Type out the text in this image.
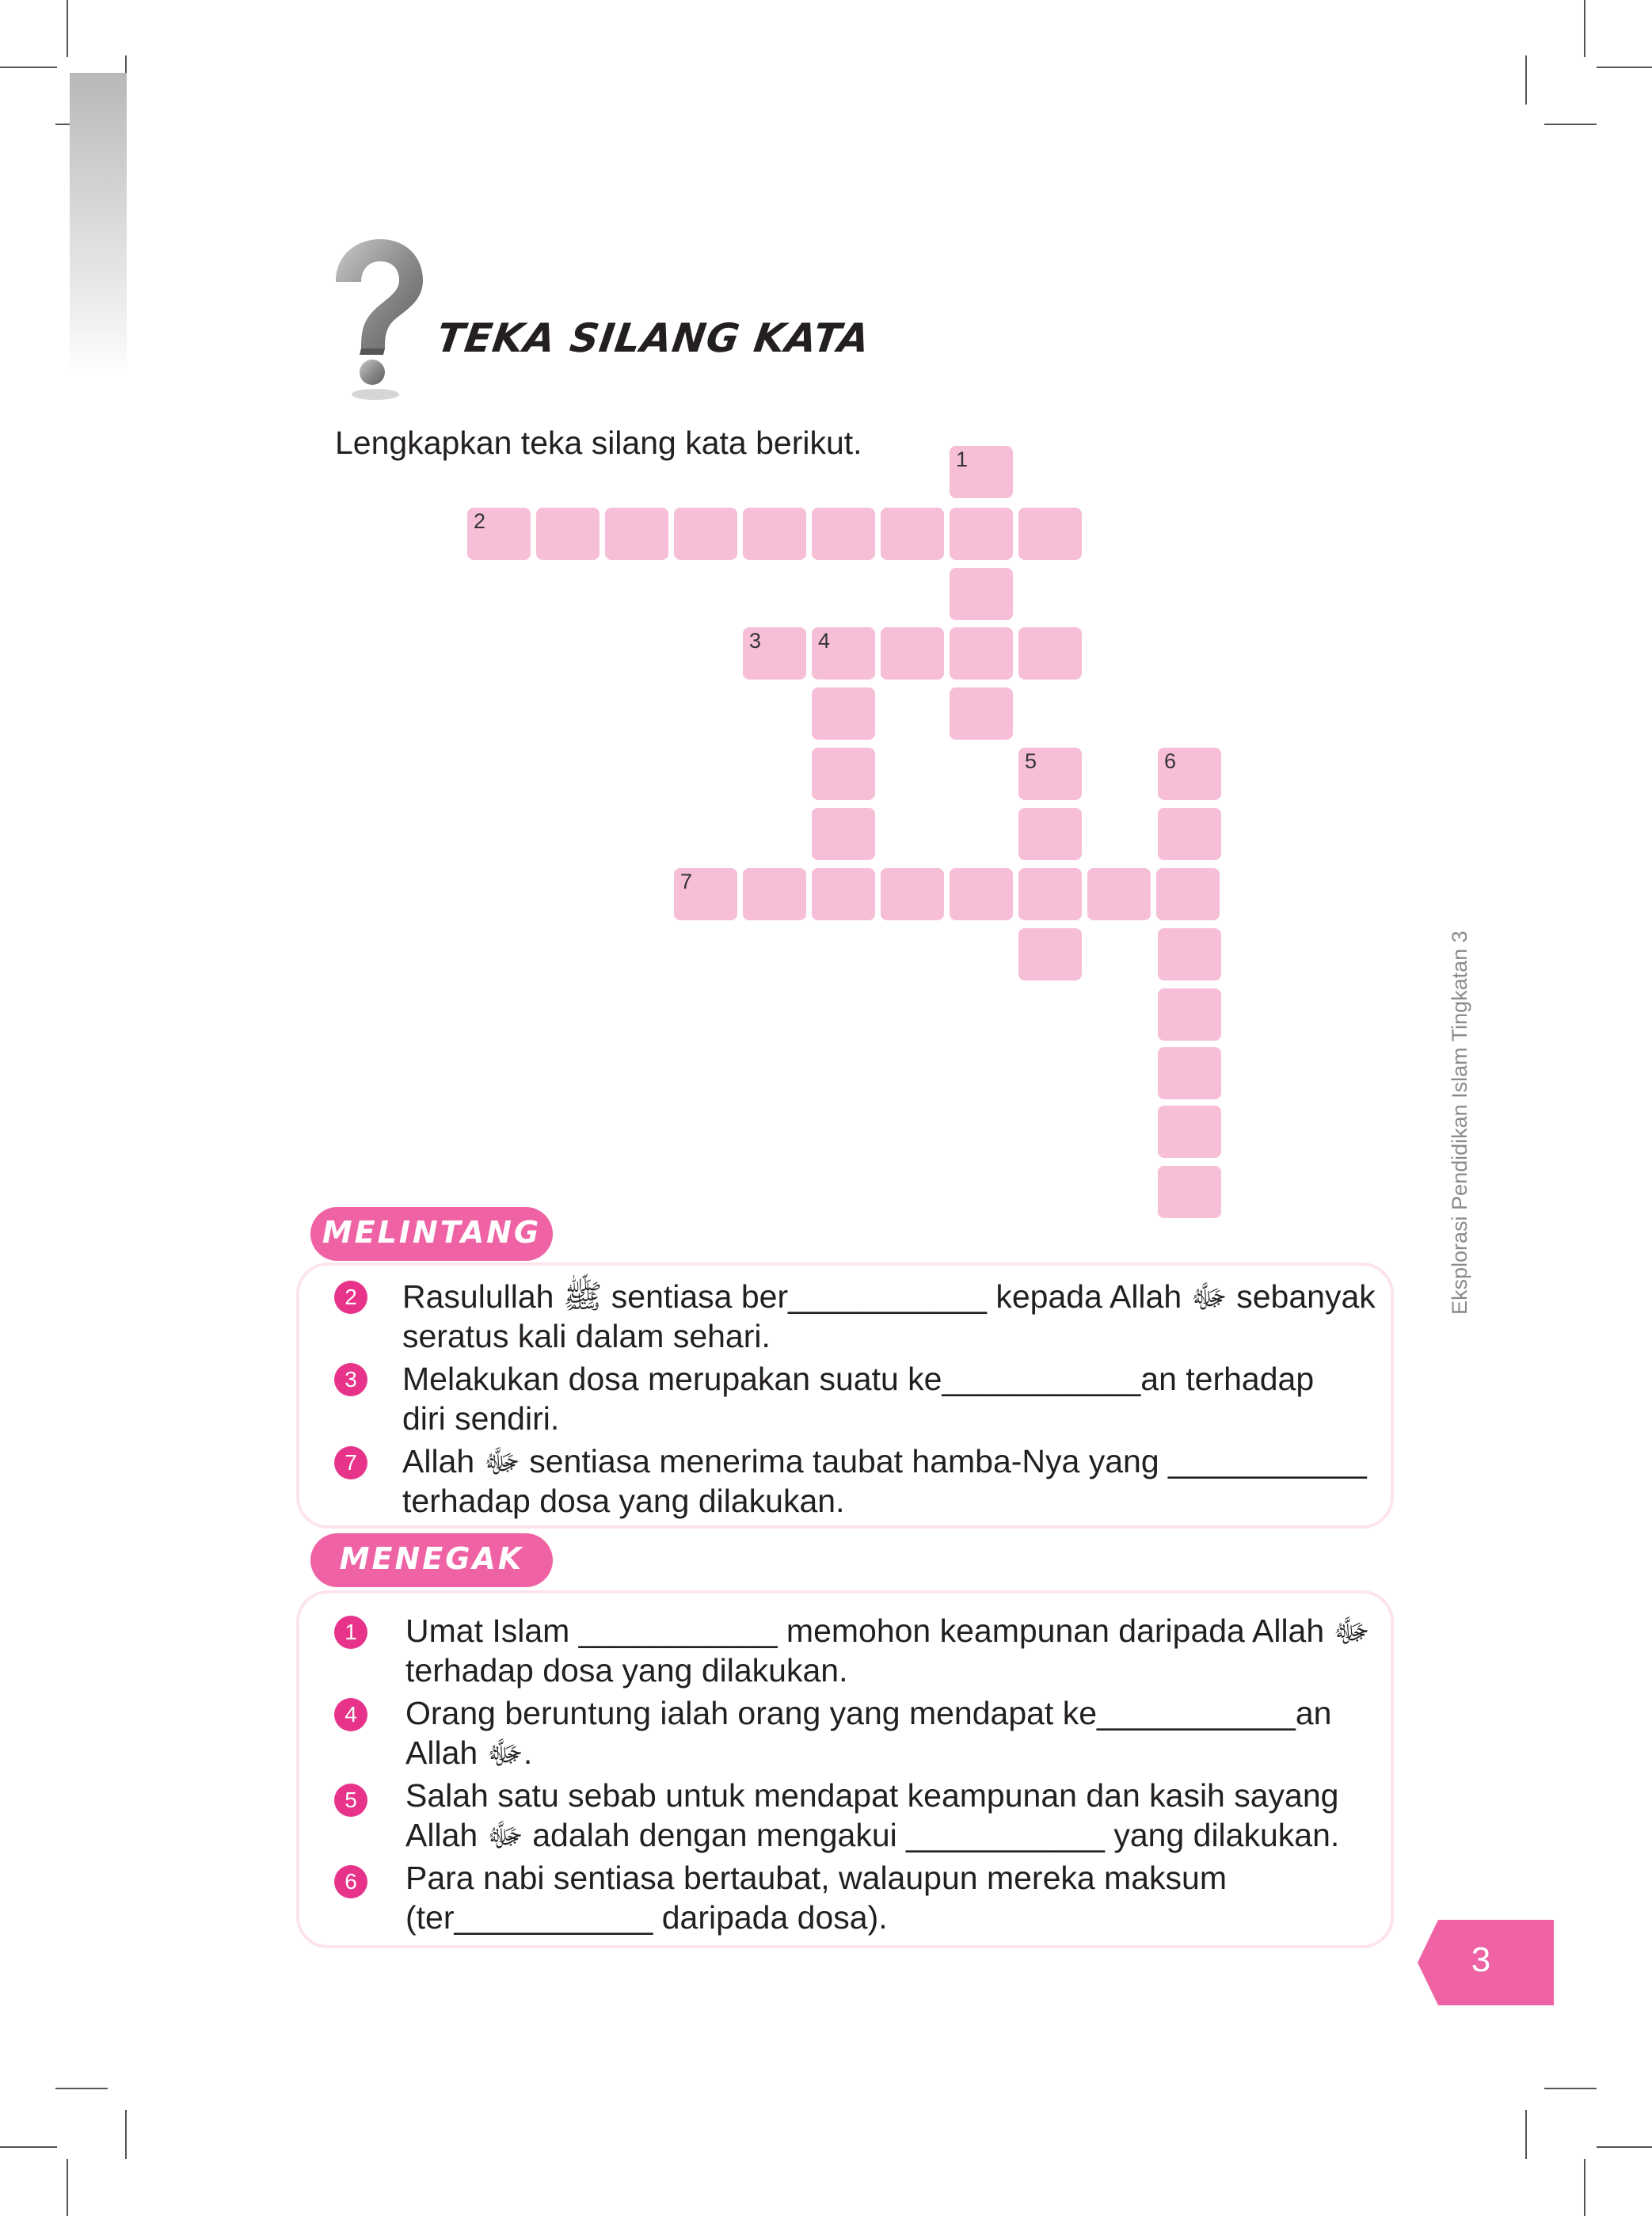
TEKA SILANG KATA
Lengkapkan teka silang kata berikut.	1
2
3	4
5	6
7
MELINTANG
2	Rasulullah ﷺ sentiasa ber___________ kepada Allah ﷻ sebanyak
seratus kali dalam sehari.
3	Melakukan dosa merupakan suatu ke___________an terhadap
diri sendiri.
7	Allah ﷻ sentiasa menerima taubat hamba-Nya yang ___________
terhadap dosa yang dilakukan.
MENEGAK
1	Umat Islam ___________ memohon keampunan daripada Allah ﷻ
terhadap dosa yang dilakukan.
4	Orang beruntung ialah orang yang mendapat ke___________an
Allah ﷻ.
5	Salah satu sebab untuk mendapat keampunan dan kasih sayang
Allah ﷻ adalah dengan mengakui ___________ yang dilakukan.
6	Para nabi sentiasa bertaubat, walaupun mereka maksum
(ter___________ daripada dosa).
Eksplorasi Pendidikan Islam Tingkatan 3
3
